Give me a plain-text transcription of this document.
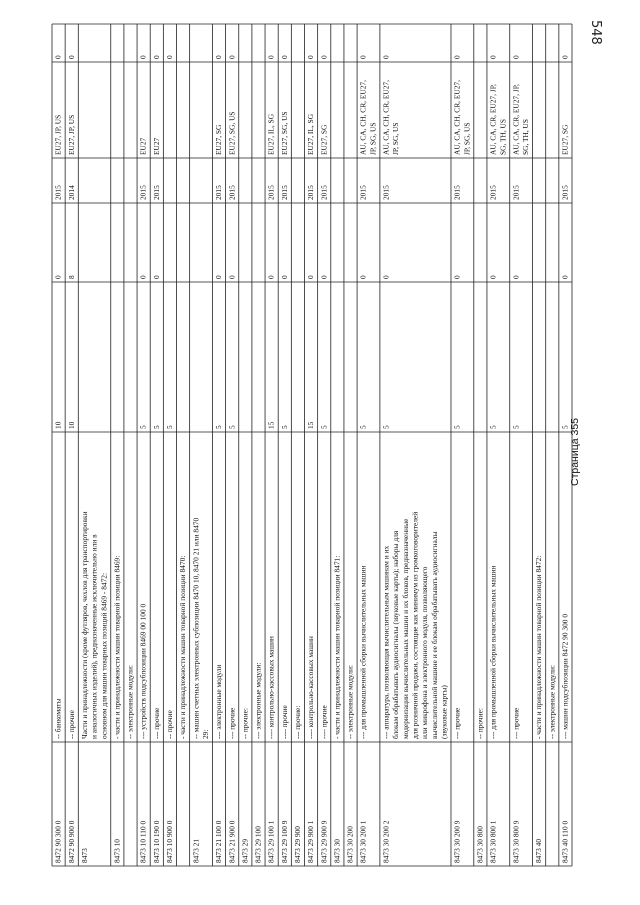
8472 90 300 0
-- банкоматы
10
0
2015
EU27, JP, US
0
8472 90 900 0
-- прочие
10
8
2014
EU27, JP, US
0
8473
Части и принадлежности (кроме футляров, чехлов для транспортировки и аналогичных изделий), предназначенные исключительно или в основном для машин товарных позиций 8469 - 8472:
8473 10
- части и принадлежности машин товарной позиции 8469: -- электронные модули:
8473 10 110 0
--- устройств подсубпозиции 8469 00 100 0
5
0
2015
EU27
0
8473 10 190 0
--- прочие
5
0
2015
EU27
0
8473 10 900 0
-- прочие
5
0
- части и принадлежности машин товарной позиции 8470:
8473 21
-- машин счетных электронных субпозиции 8470 10, 8470 21 или 8470 29:
8473 21 100 0
--- электронные модули
5
0
2015
EU27, SG
0
8473 21 900 0
--- прочие
5
0
2015
EU27, SG, US
0
8473 29
-- прочие:
8473 29 100
--- электронные модули:
8473 29 100 1
---- контрольно-кассовых машин
15
0
2015
EU27, IL, SG
0
8473 29 100 9
---- прочие
5
0
2015
EU27, SG, US
0
8473 29 900
--- прочие:
8473 29 900 1
---- контрольно-кассовых машин
15
0
2015
EU27, IL, SG
0
8473 29 900 9
---- прочие
5
0
2015
EU27, SG
0
8473 30
- части и принадлежности машин товарной позиции 8471:
8473 30 200
-- электронные модули:
8473 30 200 1
--- для промышленной сборки вычислительных машин
5
0
2015
AU, CA, CH, CR, EU27, JP, SG, US
0
8473 30 200 2
--- аппаратура, позволяющая вычислительным машинам и их блокам обрабатывать аудиосигналы (звуковые карты); наборы для модернизации вычислительных машин и их блоков, предназначенные для розничной продажи, состоящие как минимум из громкоговорителей или микрофона и электронного модуля, позволяющего вычислительной машине и ее блокам обрабатывать аудиосигналы (звуковые карты)
5
0
2015
AU, CA, CH, CR, EU27, JP, SG, US
0
8473 30 200 9
--- прочие
5
0
2015
AU, CA, CH, CR, EU27, JP, SG, US
0
8473 30 800
-- прочие:
8473 30 800 1
--- для промышленной сборки вычислительных машин
5
0
2015
AU, CA, CR, EU27, JP, SG, TH, US
0
8473 30 800 9
--- прочие
5
0
2015
AU, CA, CR, EU27, JP, SG, TH, US
0
8473 40
- части и принадлежности машин товарной позиции 8472: -- электронные модули:
8473 40 110 0
--- машин подсубпозиции 8472 90 300 0
5
0
2015
EU27, SG
0
548
Страница 355
